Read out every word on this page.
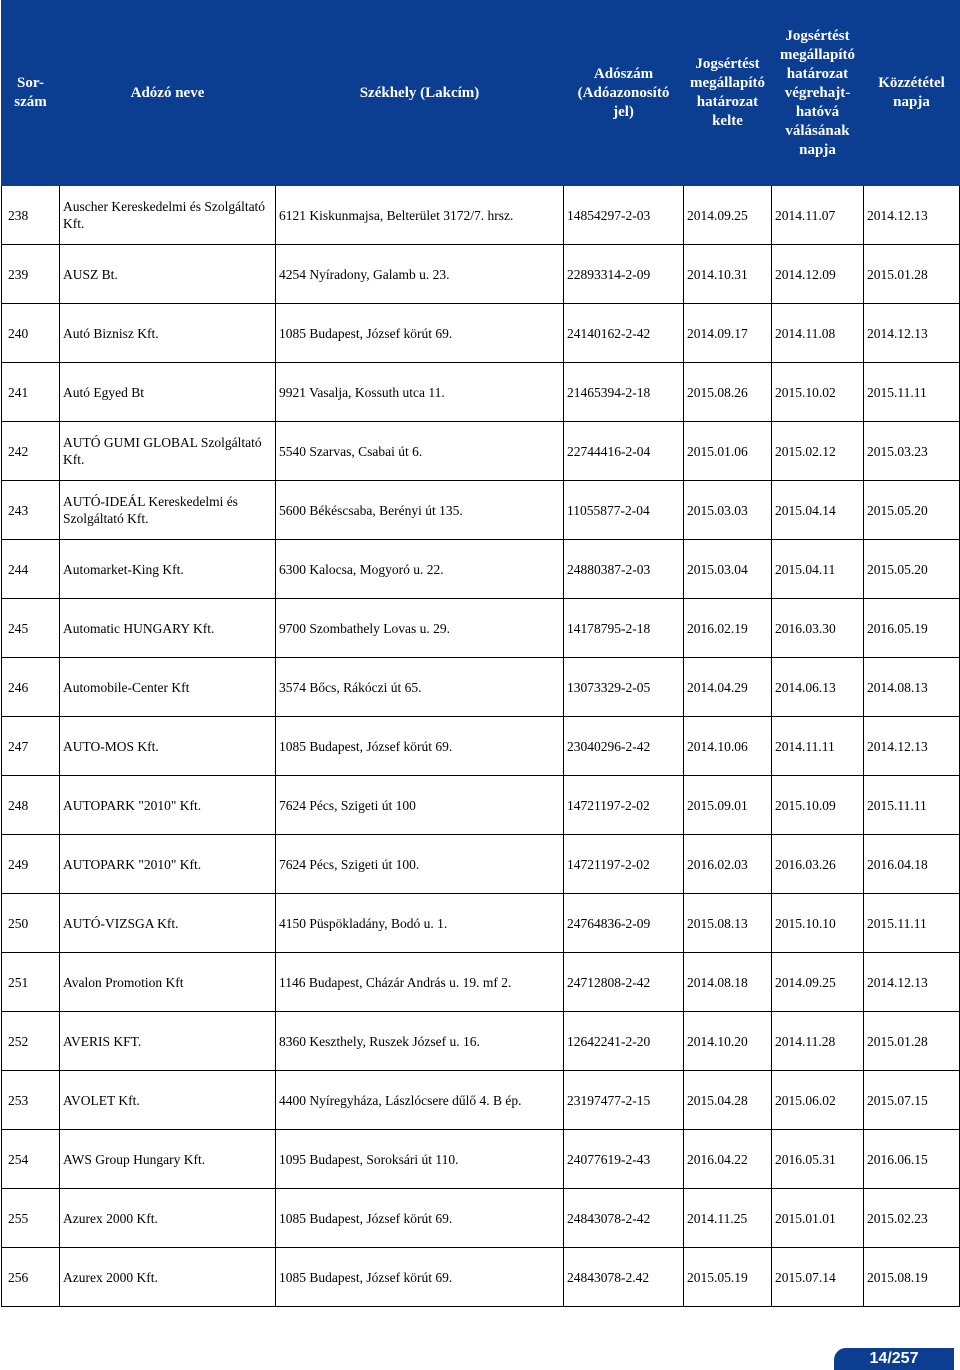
Sor-szám	Adózó neve	Székhely (Lakcím)	Adószám (Adóazonosító jel)	Jogsértést megállapító határozat kelte	Jogsértést megállapító határozat végrehajt-hatóvá válásának napja	Közzététel napja
238	Auscher Kereskedelmi és Szolgáltató Kft.	6121 Kiskunmajsa, Belterület 3172/7. hrsz.	14854297-2-03	2014.09.25	2014.11.07	2014.12.13
239	AUSZ Bt.	4254 Nyíradony, Galamb u. 23.	22893314-2-09	2014.10.31	2014.12.09	2015.01.28
240	Autó Biznisz Kft.	1085 Budapest, József körút 69.	24140162-2-42	2014.09.17	2014.11.08	2014.12.13
241	Autó Egyed Bt	9921 Vasalja, Kossuth utca 11.	21465394-2-18	2015.08.26	2015.10.02	2015.11.11
242	AUTÓ GUMI GLOBAL Szolgáltató Kft.	5540 Szarvas, Csabai út 6.	22744416-2-04	2015.01.06	2015.02.12	2015.03.23
243	AUTÓ-IDEÁL Kereskedelmi és Szolgáltató Kft.	5600 Békéscsaba, Berényi út 135.	11055877-2-04	2015.03.03	2015.04.14	2015.05.20
244	Automarket-King Kft.	6300 Kalocsa, Mogyoró u. 22.	24880387-2-03	2015.03.04	2015.04.11	2015.05.20
245	Automatic HUNGARY Kft.	9700 Szombathely Lovas u. 29.	14178795-2-18	2016.02.19	2016.03.30	2016.05.19
246	Automobile-Center Kft	3574 Bőcs, Rákóczi út 65.	13073329-2-05	2014.04.29	2014.06.13	2014.08.13
247	AUTO-MOS Kft.	1085 Budapest, József körút 69.	23040296-2-42	2014.10.06	2014.11.11	2014.12.13
248	AUTOPARK "2010" Kft.	7624 Pécs, Szigeti út 100	14721197-2-02	2015.09.01	2015.10.09	2015.11.11
249	AUTOPARK "2010" Kft.	7624 Pécs, Szigeti út 100.	14721197-2-02	2016.02.03	2016.03.26	2016.04.18
250	AUTÓ-VIZSGA Kft.	4150 Püspökladány, Bodó u. 1.	24764836-2-09	2015.08.13	2015.10.10	2015.11.11
251	Avalon Promotion Kft	1146 Budapest, Cházár András u. 19. mf 2.	24712808-2-42	2014.08.18	2014.09.25	2014.12.13
252	AVERIS KFT.	8360 Keszthely, Ruszek József u. 16.	12642241-2-20	2014.10.20	2014.11.28	2015.01.28
253	AVOLET Kft.	4400 Nyíregyháza, Lászlócsere dűlő 4. B ép.	23197477-2-15	2015.04.28	2015.06.02	2015.07.15
254	AWS Group Hungary Kft.	1095 Budapest, Soroksári út 110.	24077619-2-43	2016.04.22	2016.05.31	2016.06.15
255	Azurex 2000 Kft.	1085 Budapest, József körút 69.	24843078-2-42	2014.11.25	2015.01.01	2015.02.23
256	Azurex 2000 Kft.	1085 Budapest, József körút 69.	24843078-2.42	2015.05.19	2015.07.14	2015.08.19
14/257
